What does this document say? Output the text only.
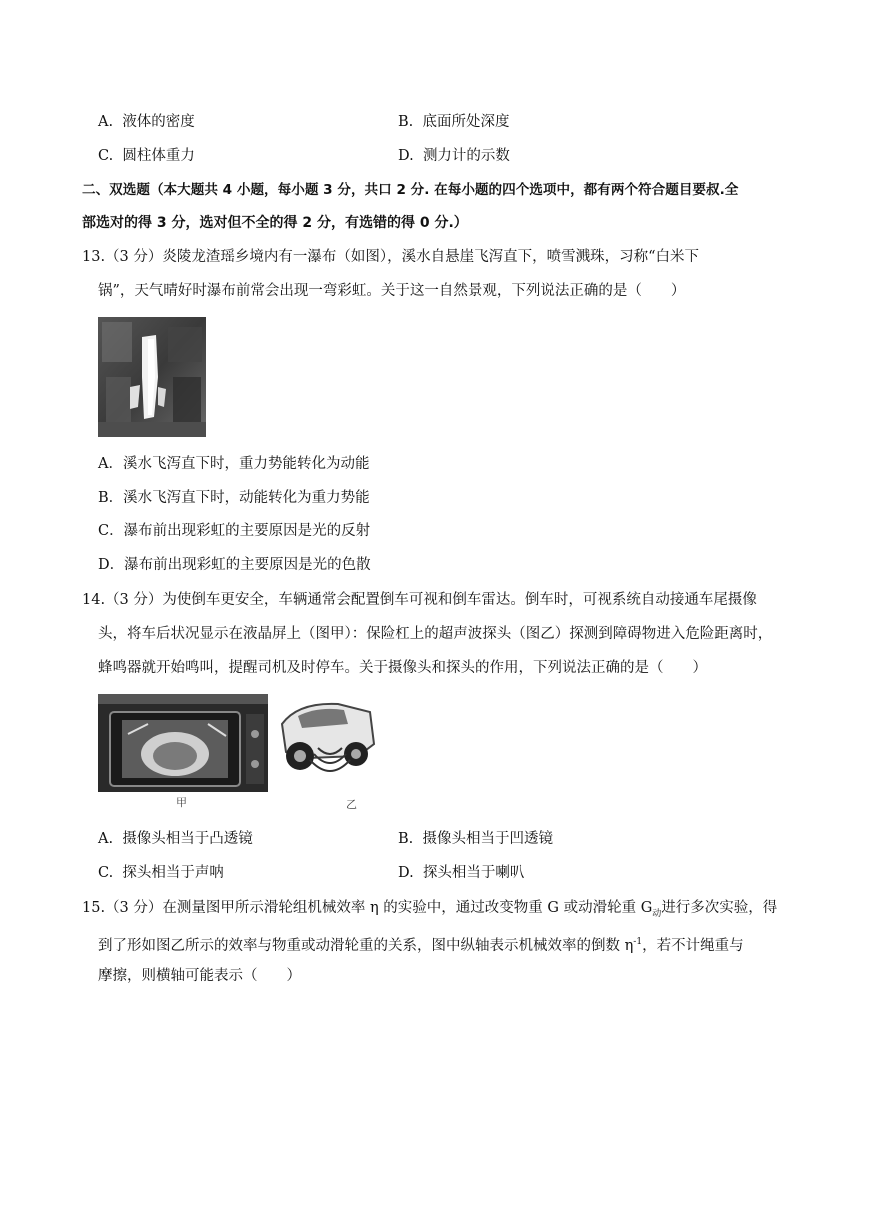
A. 液体的密度	B. 底面所处深度
C. 圆柱体重力	D. 测力计的示数
二、双选题（本大题共 4 小题，每小题 3 分，共口 2 分. 在每小题的四个选项中，都有两个符合题目要叔.全
部选对的得 3 分，选对但不全的得 2 分，有选错的得 0 分.）
13.（3 分）炎陵龙渣瑶乡境内有一瀑布（如图），溪水自悬崖飞泻直下，喷雪溅珠，习称“白米下
锅”，天气晴好时瀑布前常会出现一弯彩虹。关于这一自然景观，下列说法正确的是（　　）
A．溪水飞泻直下时，重力势能转化为动能
B．溪水飞泻直下时，动能转化为重力势能
C．瀑布前出现彩虹的主要原因是光的反射
D．瀑布前出现彩虹的主要原因是光的色散
14.（3 分）为使倒车更安全，车辆通常会配置倒车可视和倒车雷达。倒车时，可视系统自动接通车尾摄像
头，将车后状况显示在液晶屏上（图甲）：保险杠上的超声波探头（图乙）探测到障碍物进入危险距离时，
蜂鸣器就开始鸣叫，提醒司机及时停车。关于摄像头和探头的作用，下列说法正确的是（　　）
甲	乙
A. 摄像头相当于凸透镜	B. 摄像头相当于凹透镜
C. 探头相当于声呐	D. 探头相当于喇叭
15.（3 分）在测量图甲所示滑轮组机械效率 η 的实验中，通过改变物重 G 或动滑轮重 $G_动$进行多次实验，得
到了形如图乙所示的效率与物重或动滑轮重的关系，图中纵轴表示机械效率的倒数 $\eta^{-1}$，若不计绳重与
摩擦，则横轴可能表示（　　）
